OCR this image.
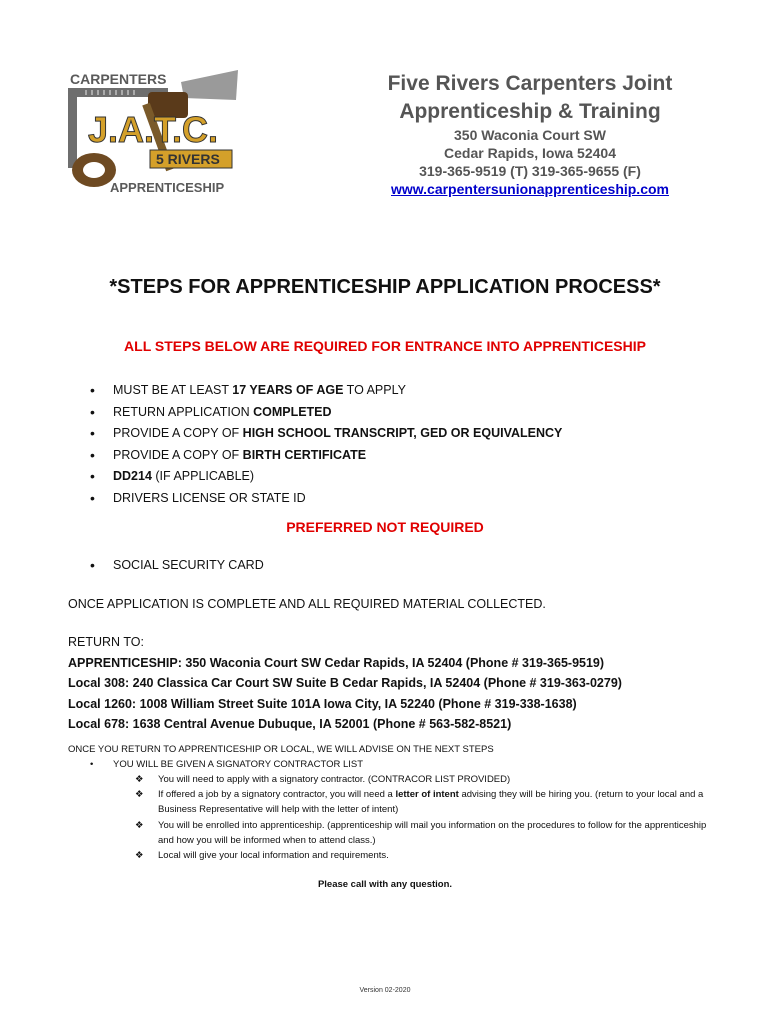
CARPENTERS
J.A.T.C.
5 RIVERS
APPRENTICESHIP
Five Rivers Carpenters Joint
Apprenticeship & Training
350 Waconia Court SW
Cedar Rapids, Iowa 52404
319-365-9519 (T) 319-365-9655 (F)
www.carpentersunionapprenticeship.com
*STEPS FOR APPRENTICESHIP APPLICATION PROCESS*
ALL STEPS BELOW ARE REQUIRED FOR ENTRANCE INTO APPRENTICESHIP
• MUST BE AT LEAST 17 YEARS OF AGE TO APPLY
• RETURN APPLICATION COMPLETED
• PROVIDE A COPY OF HIGH SCHOOL TRANSCRIPT, GED OR EQUIVALENCY
• PROVIDE A COPY OF BIRTH CERTIFICATE
• DD214 (IF APPLICABLE)
• DRIVERS LICENSE OR STATE ID
PREFERRED NOT REQUIRED
• SOCIAL SECURITY CARD
ONCE APPLICATION IS COMPLETE AND ALL REQUIRED MATERIAL COLLECTED.
RETURN TO:
APPRENTICESHIP: 350 Waconia Court SW Cedar Rapids, IA 52404 (Phone # 319-365-9519)
Local 308: 240 Classica Car Court SW Suite B Cedar Rapids, IA 52404 (Phone # 319-363-0279)
Local 1260: 1008 William Street Suite 101A Iowa City, IA 52240 (Phone # 319-338-1638)
Local 678: 1638 Central Avenue Dubuque, IA 52001 (Phone # 563-582-8521)
ONCE YOU RETURN TO APPRENTICESHIP OR LOCAL, WE WILL ADVISE ON THE NEXT STEPS
• YOU WILL BE GIVEN A SIGNATORY CONTRACTOR LIST
❖ You will need to apply with a signatory contractor. (CONTRACOR LIST PROVIDED)
❖ If offered a job by a signatory contractor, you will need a letter of intent advising they will be hiring you. (return to your local and a Business Representative will help with the letter of intent)
❖ You will be enrolled into apprenticeship. (apprenticeship will mail you information on the procedures to follow for the apprenticeship and how you will be informed when to attend class.)
❖ Local will give your local information and requirements.
Please call with any question.
Version 02-2020
